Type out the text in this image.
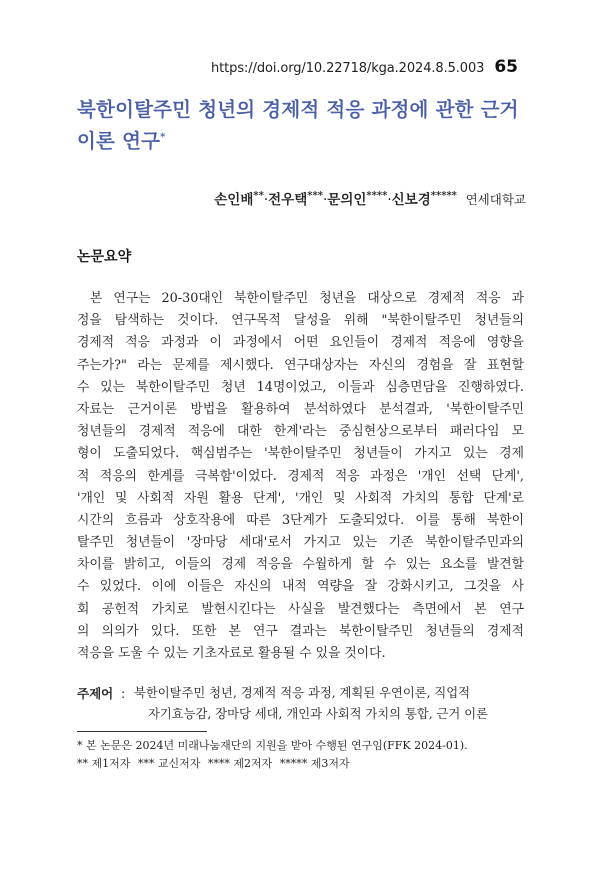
https://doi.org/10.22718/kga.2024.8.5.003 65
북한이탈주민 청년의 경제적 적응 과정에 관한 근거
이론 연구*
손인배**·전우택***·문의인****·신보경***** 연세대학교
논문요약
본 연구는 20-30대인 북한이탈주민 청년을 대상으로 경제적 적응 과
정을 탐색하는 것이다. 연구목적 달성을 위해 "북한이탈주민 청년들의
경제적 적응 과정과 이 과정에서 어떤 요인들이 경제적 적응에 영향을
주는가?" 라는 문제를 제시했다. 연구대상자는 자신의 경험을 잘 표현할
수 있는 북한이탈주민 청년 14명이었고, 이들과 심층면담을 진행하였다.
자료는 근거이론 방법을 활용하여 분석하였다 분석결과, '북한이탈주민
청년들의 경제적 적응에 대한 한계'라는 중심현상으로부터 패러다임 모
형이 도출되었다. 핵심범주는 '북한이탈주민 청년들이 가지고 있는 경제
적 적응의 한계를 극복함'이었다. 경제적 적응 과정은 '개인 선택 단계',
'개인 및 사회적 자원 활용 단계', '개인 및 사회적 가치의 통합 단계'로
시간의 흐름과 상호작용에 따른 3단계가 도출되었다. 이를 통해 북한이
탈주민 청년들이 '장마당 세대'로서 가지고 있는 기존 북한이탈주민과의
차이를 밝히고, 이들의 경제 적응을 수월하게 할 수 있는 요소를 발견할
수 있었다. 이에 이들은 자신의 내적 역량을 잘 강화시키고, 그것을 사
회 공헌적 가치로 발현시킨다는 사실을 발견했다는 측면에서 본 연구
의 의의가 있다. 또한 본 연구 결과는 북한이탈주민 청년들의 경제적
적응을 도울 수 있는 기초자료로 활용될 수 있을 것이다.
주제어 : 북한이탈주민 청년, 경제적 적응 과정, 계획된 우연이론, 직업적
자기효능감, 장마당 세대, 개인과 사회적 가치의 통합, 근거 이론
* 본 논문은 2024년 미래나눔재단의 지원을 받아 수행된 연구임(FFK 2024-01).
** 제1저자 *** 교신저자 **** 제2저자 ***** 제3저자
